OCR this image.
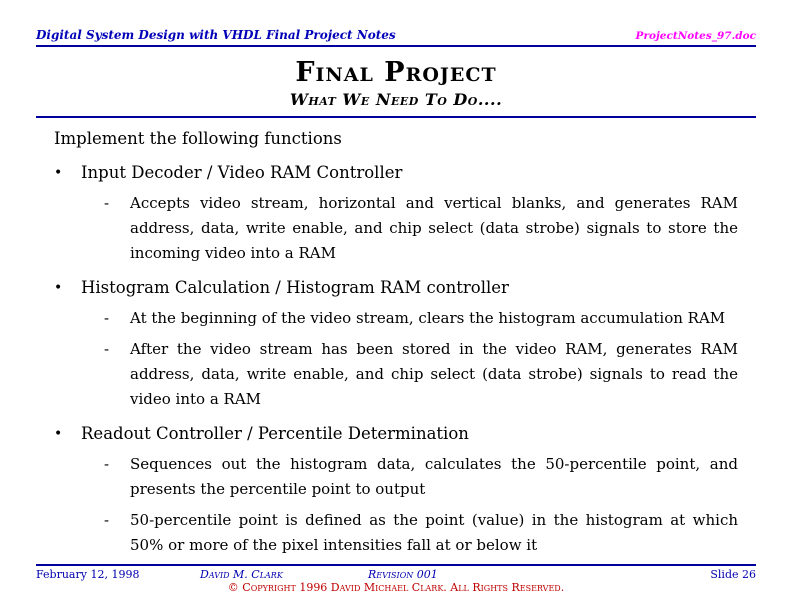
Digital System Design with VHDL Final Project Notes	ProjectNotes_97.doc
Final Project
What We Need To Do....
Implement the following functions
•	Input Decoder / Video RAM Controller
-	Accepts video stream, horizontal and vertical blanks, and generates RAM address, data, write enable, and chip select (data strobe) signals to store the incoming video into a RAM
•	Histogram Calculation / Histogram RAM controller
-	At the beginning of the video stream, clears the histogram accumulation RAM
-	After the video stream has been stored in the video RAM, generates RAM address, data, write enable, and chip select (data strobe) signals to read the video into a RAM
•	Readout Controller / Percentile Determination
-	Sequences out the histogram data, calculates the 50-percentile point, and presents the percentile point to output
-	50-percentile point is defined as the point (value) in the histogram at which 50% or more of the pixel intensities fall at or below it
February 12, 1998	David M. Clark	Revision 001	Slide 26
© Copyright 1996 David Michael Clark. All Rights Reserved.
